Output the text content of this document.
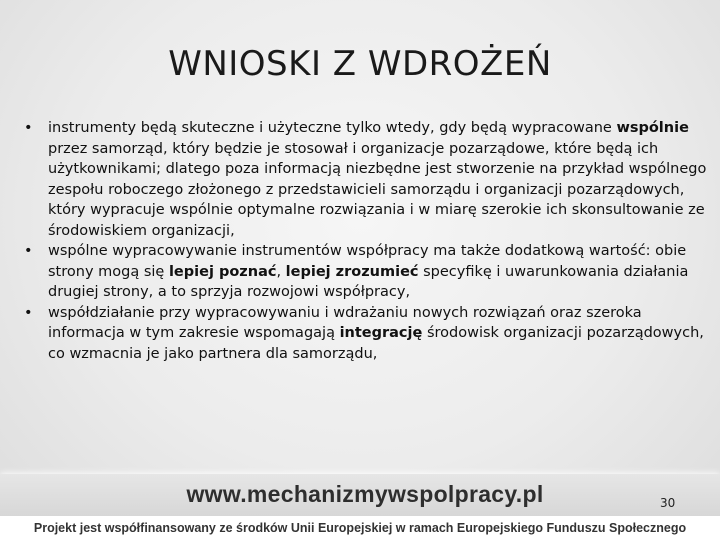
WNIOSKI Z WDROŻEŃ
• instrumenty będą skuteczne i użyteczne tylko wtedy, gdy będą wypracowane wspólnie przez samorząd, który będzie je stosował i organizacje pozarządowe, które będą ich użytkownikami; dlatego poza informacją niezbędne jest stworzenie na przykład wspólnego zespołu roboczego złożonego z przedstawicieli samorządu i organizacji pozarządowych, który wypracuje wspólnie optymalne rozwiązania i w miarę szerokie ich skonsultowanie ze środowiskiem organizacji,
• wspólne wypracowywanie instrumentów współpracy ma także dodatkową wartość: obie strony mogą się lepiej poznać, lepiej zrozumieć specyfikę i uwarunkowania działania drugiej strony, a to sprzyja rozwojowi współpracy,
• współdziałanie przy wypracowywaniu i wdrażaniu nowych rozwiązań oraz szeroka informacja w tym zakresie wspomagają integrację środowisk organizacji pozarządowych, co wzmacnia je jako partnera dla samorządu,
www.mechanizmywspolpracy.pl	30
Projekt jest współfinansowany ze środków Unii Europejskiej w ramach Europejskiego Funduszu Społecznego
